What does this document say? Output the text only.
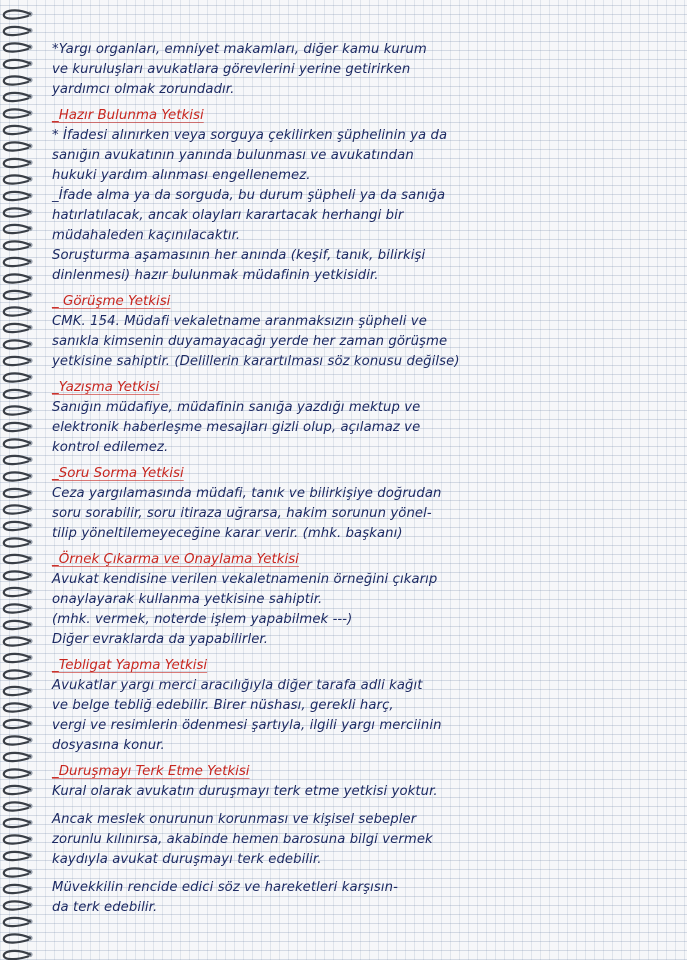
*Yargı organları, emniyet makamları, diğer kamu kurum
ve kuruluşları avukatlara görevlerini yerine getirirken
yardımcı olmak zorundadır.
_Hazır Bulunma Yetkisi
* İfadesi alınırken veya sorguya çekilirken şüphelinin ya da
sanığın avukatının yanında bulunması ve avukatından
hukuki yardım alınması engellenemez.
_İfade alma ya da sorguda, bu durum şüpheli ya da sanığa
hatırlatılacak, ancak olayları karartacak herhangi bir
müdahaleden kaçınılacaktır.
Soruşturma aşamasının her anında (keşif, tanık, bilirkişi
dinlenmesi) hazır bulunmak müdafinin yetkisidir.
_ Görüşme Yetkisi
CMK. 154. Müdafi vekaletname aranmaksızın şüpheli ve
sanıkla kimsenin duyamayacağı yerde her zaman görüşme
yetkisine sahiptir. (Delillerin karartılması söz konusu değilse)
_Yazışma Yetkisi
Sanığın müdafiye, müdafinin sanığa yazdığı mektup ve
elektronik haberleşme mesajları gizli olup, açılamaz ve
kontrol edilemez.
_Soru Sorma Yetkisi
Ceza yargılamasında müdafi, tanık ve bilirkişiye doğrudan
soru sorabilir, soru itiraza uğrarsa, hakim sorunun yönel-
tilip yöneltilemeyeceğine karar verir. (mhk. başkanı)
_Örnek Çıkarma ve Onaylama Yetkisi
Avukat kendisine verilen vekaletnamenin örneğini çıkarıp
onaylayarak kullanma yetkisine sahiptir.
(mhk. vermek, noterde işlem yapabilmek ---)
Diğer evraklarda da yapabilirler.
_Tebligat Yapma Yetkisi
Avukatlar yargı merci aracılığıyla diğer tarafa adli kağıt
ve belge tebliğ edebilir. Birer nüshası, gerekli harç,
vergi ve resimlerin ödenmesi şartıyla, ilgili yargı merciinin
dosyasına konur.
_Duruşmayı Terk Etme Yetkisi
Kural olarak avukatın duruşmayı terk etme yetkisi yoktur.
Ancak meslek onurunun korunması ve kişisel sebepler
zorunlu kılınırsa, akabinde hemen barosuna bilgi vermek
kaydıyla avukat duruşmayı terk edebilir.
Müvekkilin rencide edici söz ve hareketleri karşısın-
da terk edebilir.
